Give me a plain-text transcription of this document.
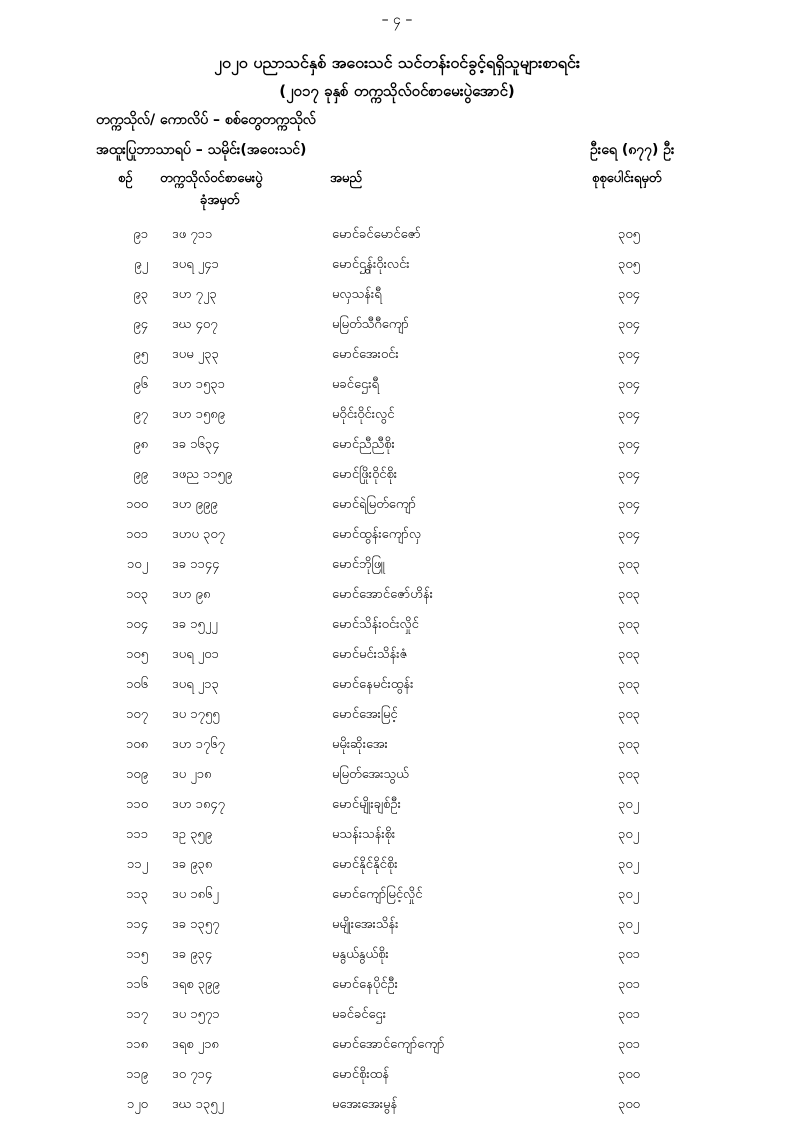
– ၄ –
၂၀၂၀ ပညာသင်နှစ် အဝေးသင် သင်တန်းဝင်ခွင့်ရရှိသူများစာရင်း
(၂၀၁၇ ခုနှစ် တက္ကသိုလ်ဝင်စာမေးပွဲအောင်)
တက္ကသိုလ်/ ကောလိပ် – စစ်တွေတက္ကသိုလ်
အထူးပြုဘာသာရပ် – သမိုင်း(အဝေးသင်)	ဦးရေ (၈၇၇) ဦး
စဉ် တက္ကသိုလ်ဝင်စာမေးပွဲ
ခုံအမှတ်
အမည်	စုစုပေါင်းရမှတ်
၉၁ ဒဖ ၇၁၁	မောင်ခင်မောင်ဇော်	၃၀၅
၉၂ ဒပရ ၂၄၁	မောင်ဌွန်းဝိုးလင်း	၃၀၅
၉၃ ဒဟ ၇၂၃	မလှသန်းရီ	၃၀၄
၉၄ ဒဃ ၄၀၇	မမြတ်သီဂီကျော်	၃၀၄
၉၅ ဒပမ ၂၃၃	မောင်အေးဝင်း	၃၀၄
၉၆ ဒဟ ၁၅၃၁	မခင်ဌေးရီ	၃၀၄
၉၇ ဒဟ ၁၅၈၉	မဝိုင်းဝိုင်းလွင်	၃၀၄
၉၈ ဒခ ၁၆၃၄	မောင်ညီညီစိုး	၃၀၄
၉၉ ဒဖည ၁၁၅၉	မောင်ဖြိုးဝိုင်စိုး	၃၀၄
၁၀၀ ဒဟ ၉၉၉	မောင်ရဲမြတ်ကျော်	၃၀၄
၁၀၁ ဒဟပ ၃၀၇	မောင်ထွန်းကျော်လှ	၃၀၄
၁၀၂ ဒခ ၁၁၄၄	မောင်ဘိုဖြူ	၃၀၃
၁၀၃ ဒဟ ၉၈	မောင်အောင်ဇော်ဟိန်း	၃၀၃
၁၀၄ ဒခ ၁၅၂၂	မောင်သိန်းဝင်းလှိုင်	၃၀၃
၁၀၅ ဒပရ ၂၀၁	မောင်မင်းသိန်းဇံ	၃၀၃
၁၀၆ ဒပရ ၂၁၃	မောင်နေမင်းထွန်း	၃၀၃
၁၀၇ ဒပ ၁၇၅၅	မောင်အေးမြင့်	၃၀၃
၁၀၈ ဒဟ ၁၇၆၇	မမိုးဆိုးအေး	၃၀၃
၁၀၉ ဒပ ၂၁၈	မမြတ်အေးသွယ်	၃၀၃
၁၁၀ ဒဟ ၁၈၄၇	မောင်မျိုးချစ်ဦး	၃၀၂
၁၁၁ ဒဥ ၃၅၉	မသန်းသန်းစိုး	၃၀၂
၁၁၂ ဒခ ၉၃၈	မောင်နိုင်နိုင်စိုး	၃၀၂
၁၁၃ ဒပ ၁၈၆၂	မောင်ကျော်မြင့်လှိုင်	၃၀၂
၁၁၄ ဒခ ၁၃၅၇	မမျိုးအေးသိန်း	၃၀၂
၁၁၅ ဒခ ၉၃၄	မနွယ်နွယ်စိုး	၃၀၁
၁၁၆ ဒရစ ၃၉၉	မောင်နေပိုင်ဦး	၃၀၁
၁၁၇ ဒပ ၁၅၇၁	မခင်ခင်ဌေး	၃၀၁
၁၁၈ ဒရစ ၂၁၈	မောင်အောင်ကျော်ကျော်	၃၀၁
၁၁၉ ဒဝ ၇၁၄	မောင်စိုးထန်	၃၀၀
၁၂၀ ဒဃ ၁၃၅၂	မအေးအေးမွန်	၃၀၀
